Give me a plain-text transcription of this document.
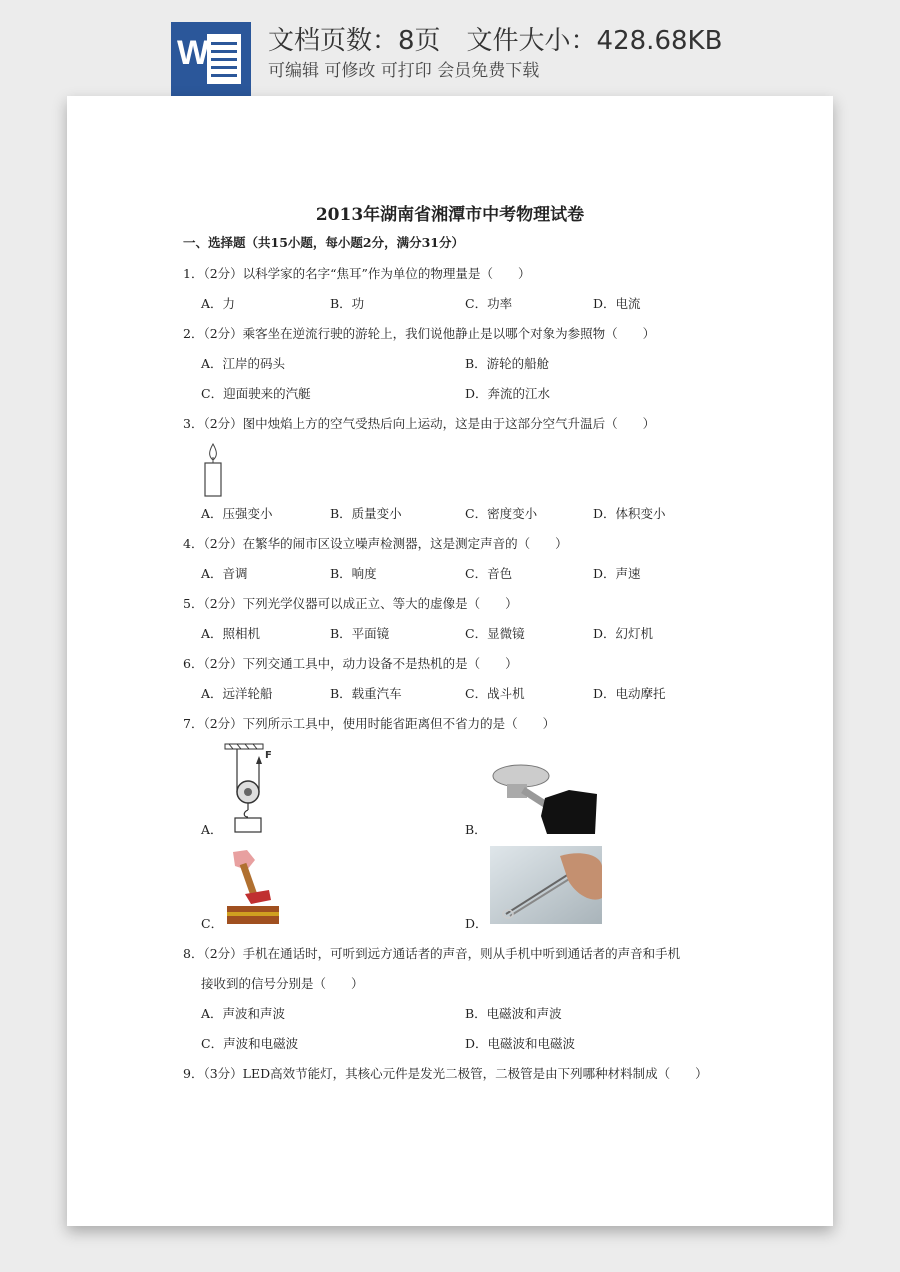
W 文档页数：8页 文件大小：428.68KB
可编辑 可修改 可打印 会员免费下载
2013年湖南省湘潭市中考物理试卷
一、选择题（共15小题，每小题2分，满分31分）
1．（2分）以科学家的名字“焦耳”作为单位的物理量是（　　）
A．力	B．功	C．功率	D．电流
2．（2分）乘客坐在逆流行驶的游轮上，我们说他静止是以哪个对象为参照物（　　）
A．江岸的码头	B．游轮的船舱
C．迎面驶来的汽艇	D．奔流的江水
3．（2分）图中烛焰上方的空气受热后向上运动，这是由于这部分空气升温后（　　）
A．压强变小	B．质量变小	C．密度变小	D．体积变小
4．（2分）在繁华的闹市区设立噪声检测器，这是测定声音的（　　）
A．音调	B．响度	C．音色	D．声速
5．（2分）下列光学仪器可以成正立、等大的虚像是（　　）
A．照相机	B．平面镜	C．显微镜	D．幻灯机
6．（2分）下列交通工具中，动力设备不是热机的是（　　）
A．远洋轮船	B．载重汽车	C．战斗机	D．电动摩托
7．（2分）下列所示工具中，使用时能省距离但不省力的是（　　）
F
A．	B．
C．	D．
8．（2分）手机在通话时，可听到远方通话者的声音，则从手机中听到通话者的声音和手机
接收到的信号分别是（　　）
A．声波和声波	B．电磁波和声波
C．声波和电磁波	D．电磁波和电磁波
9．（3分）LED高效节能灯，其核心元件是发光二极管，二极管是由下列哪种材料制成（　　）
